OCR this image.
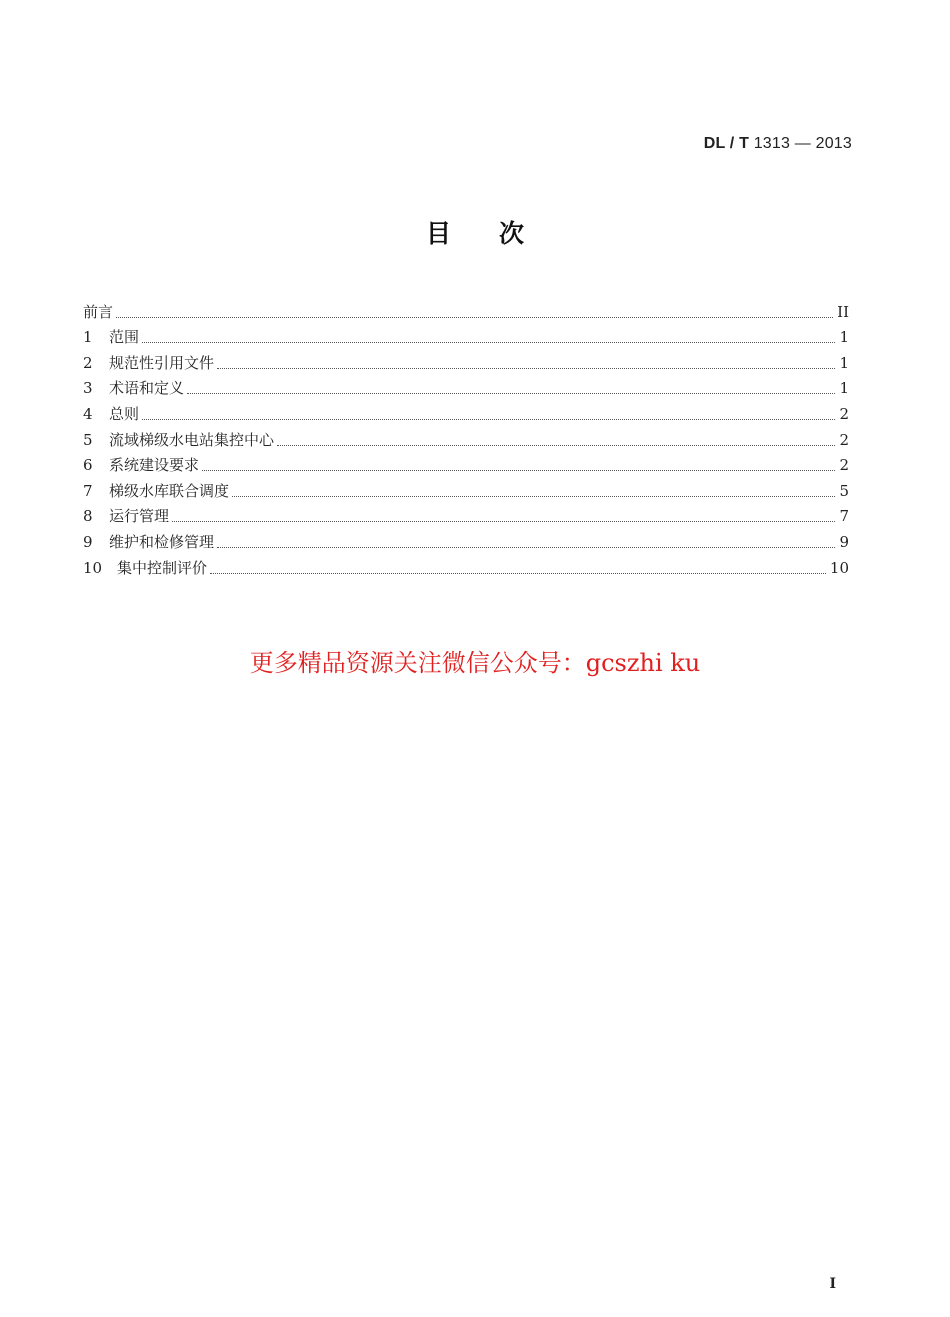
DL / T 1313 — 2013
目次
前言	II
1	范围	1
2	规范性引用文件	1
3	术语和定义	1
4	总则	2
5	流域梯级水电站集控中心	2
6	系统建设要求	2
7	梯级水库联合调度	5
8	运行管理	7
9	维护和检修管理	9
10 集中控制评价	10
更多精品资源关注微信公众号：gcszhi ku
I
